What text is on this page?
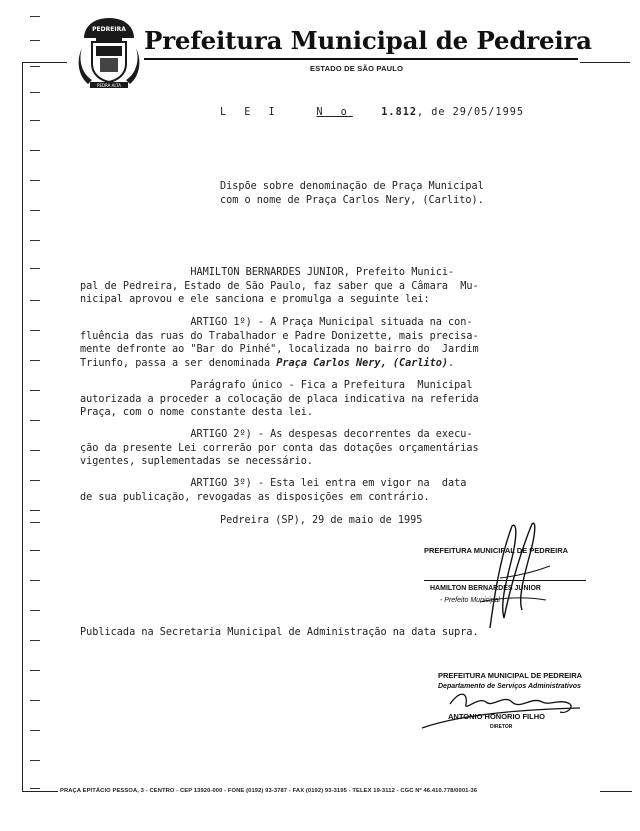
PEDREIRA
PEDRA ALTA
Prefeitura Municipal de Pedreira
ESTADO DE SÃO PAULO
L E I	N o	1.812, de 29/05/1995
Dispõe sobre denominação de Praça Municipal
com o nome de Praça Carlos Nery, (Carlito).
HAMILTON BERNARDES JUNIOR, Prefeito Munici-
pal de Pedreira, Estado de São Paulo, faz saber que a Câmara  Mu-
nicipal aprovou e ele sanciona e promulga a seguinte lei:
ARTIGO 1º) - A Praça Municipal situada na con-
fluência das ruas do Trabalhador e Padre Donizette, mais precisa-
mente defronte ao "Bar do Pinhé", localizada no bairro do  Jardim
Triunfo, passa a ser denominada Praça Carlos Nery, (Carlito).
Parágrafo único - Fica a Prefeitura  Municipal
autorizada a proceder a colocação de placa indicativa na referida
Praça, com o nome constante desta lei.
ARTIGO 2º) - As despesas decorrentes da execu-
ção da presente Lei correrão por conta das dotações orçamentárias
vigentes, suplementadas se necessário.
ARTIGO 3º) - Esta lei entra em vigor na  data
de sua publicação, revogadas as disposições em contrário.
Pedreira (SP), 29 de maio de 1995
PREFEITURA MUNICIPAL DE PEDREIRA
HAMILTON BERNARDES JUNIOR
- Prefeito Municipal -
Publicada na Secretaria Municipal de Administração na data supra.
PREFEITURA MUNICIPAL DE PEDREIRA
Departamento de Serviços Administrativos
ANTONIO HONORIO FILHO
DIRETOR
PRAÇA EPITÁCIO PESSOA, 3 - CENTRO - CEP 13920-000 - FONE (0192) 93-3787 - FAX (0192) 93-3195 - TELEX 19-3112 - CGC Nº 46.410.778/0001-36
